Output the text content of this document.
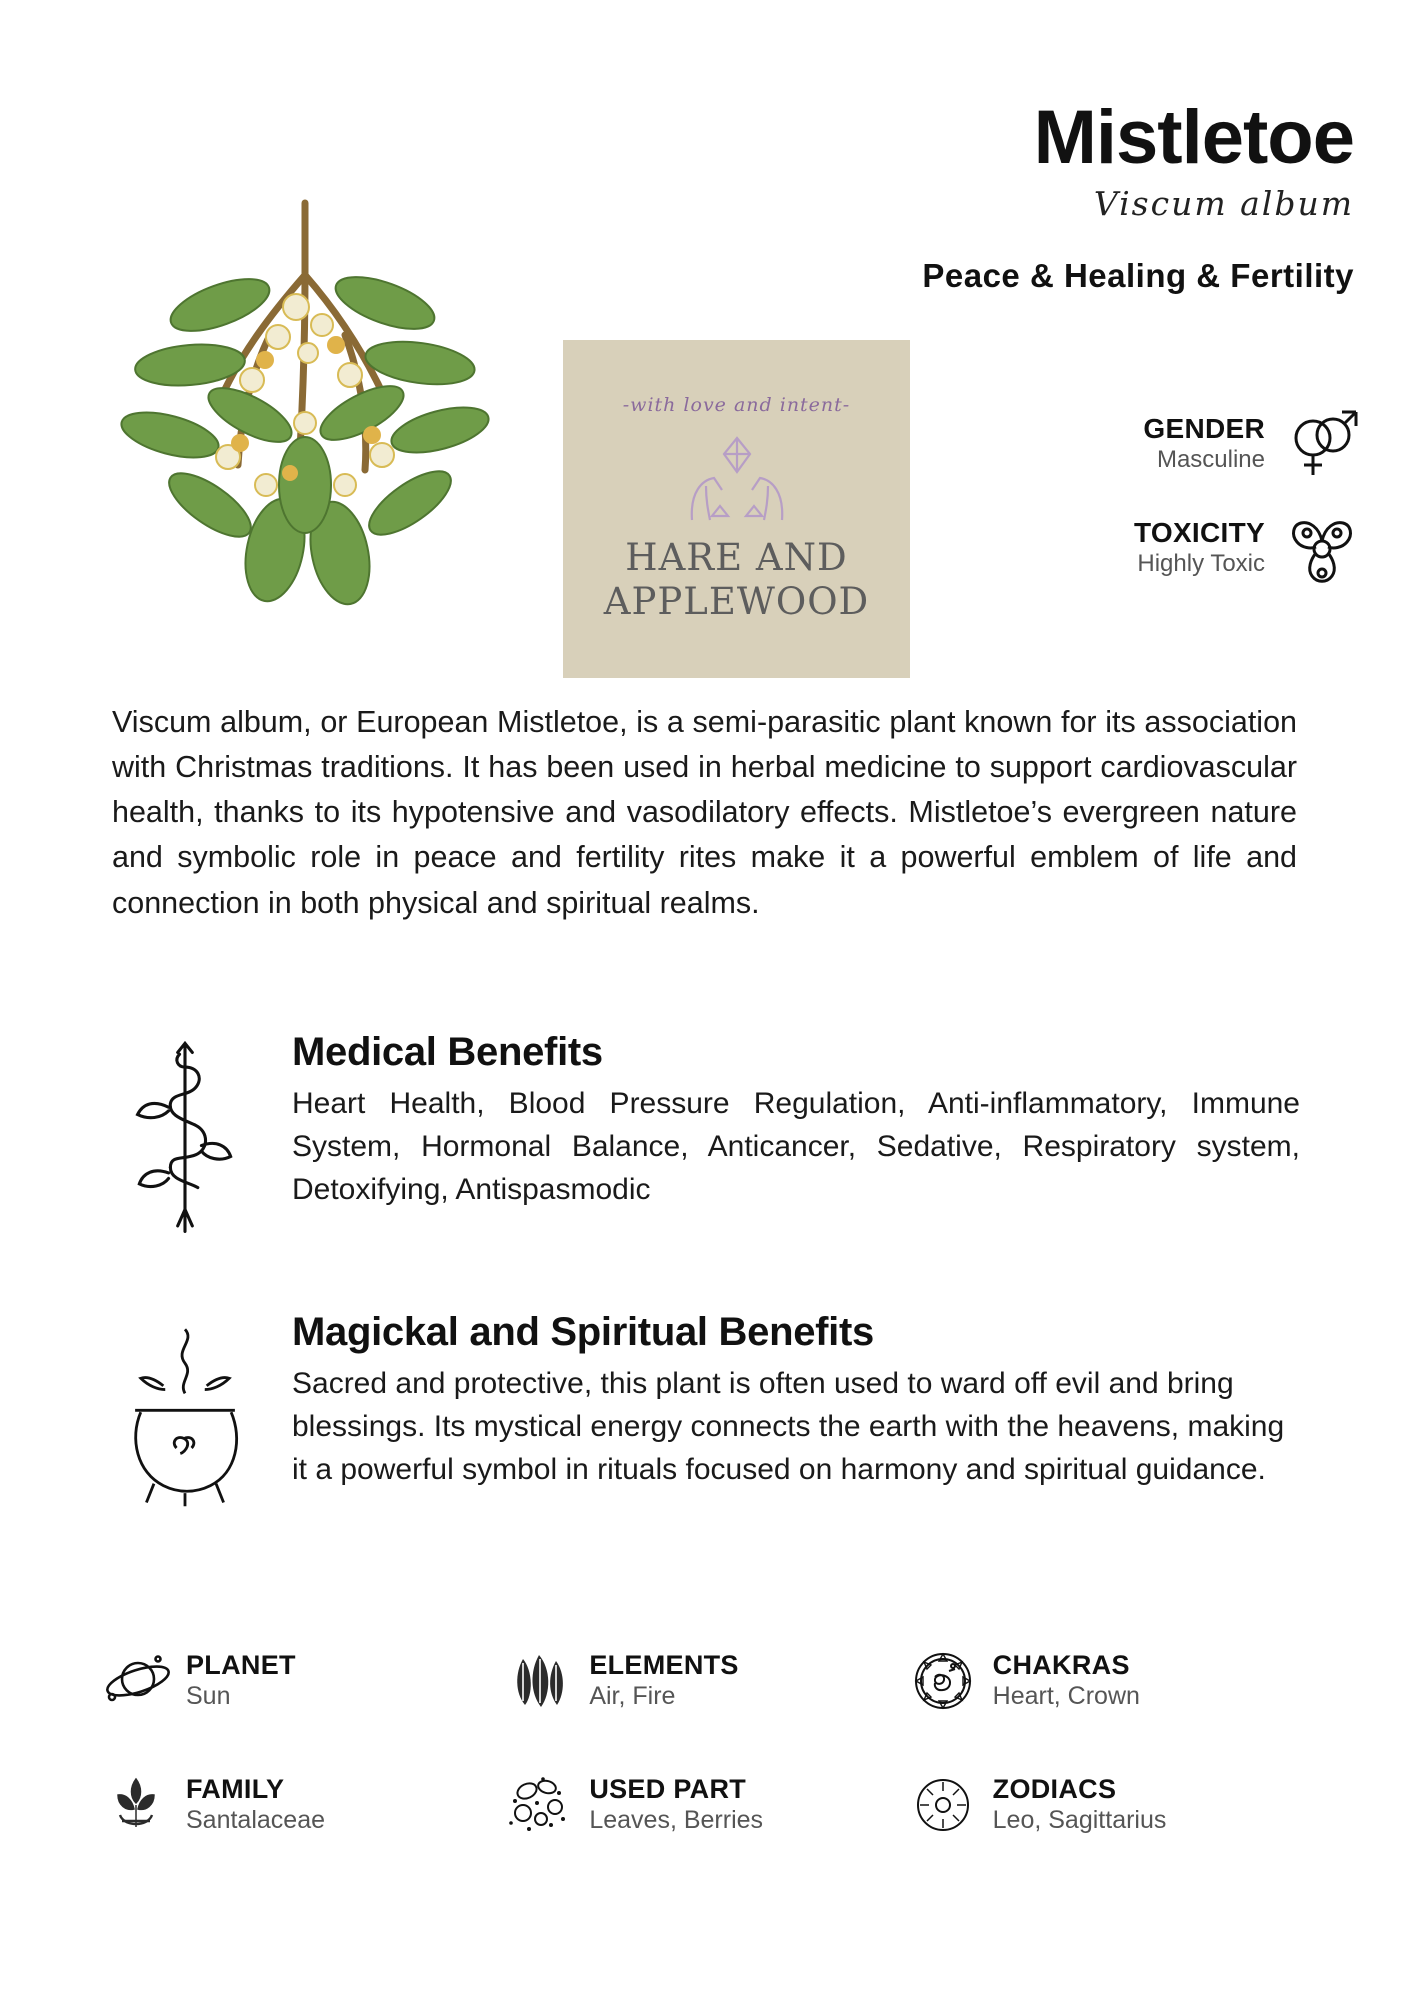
Mistletoe
Viscum album
Peace & Healing & Fertility
-with love and intent-
HARE AND
APPLEWOOD
GENDER
Masculine
TOXICITY
Highly Toxic
Viscum album, or European Mistletoe, is a semi-parasitic plant known for its association with Christmas traditions. It has been used in herbal medicine to support cardiovascular health, thanks to its hypotensive and vasodilatory effects. Mistletoe’s evergreen nature and symbolic role in peace and fertility rites make it a powerful emblem of life and connection in both physical and spiritual realms.
Medical Benefits
Heart Health, Blood Pressure Regulation, Anti-inflammatory, Immune System, Hormonal Balance, Anticancer, Sedative, Respiratory system, Detoxifying, Antispasmodic
Magickal and Spiritual Benefits
Sacred and protective, this plant is often used to ward off evil and bring blessings. Its mystical energy connects the earth with the heavens, making it a powerful symbol in rituals focused on harmony and spiritual guidance.
PLANET
Sun
ELEMENTS
Air, Fire
CHAKRAS
Heart, Crown
FAMILY
Santalaceae
USED PART
Leaves, Berries
ZODIACS
Leo, Sagittarius
